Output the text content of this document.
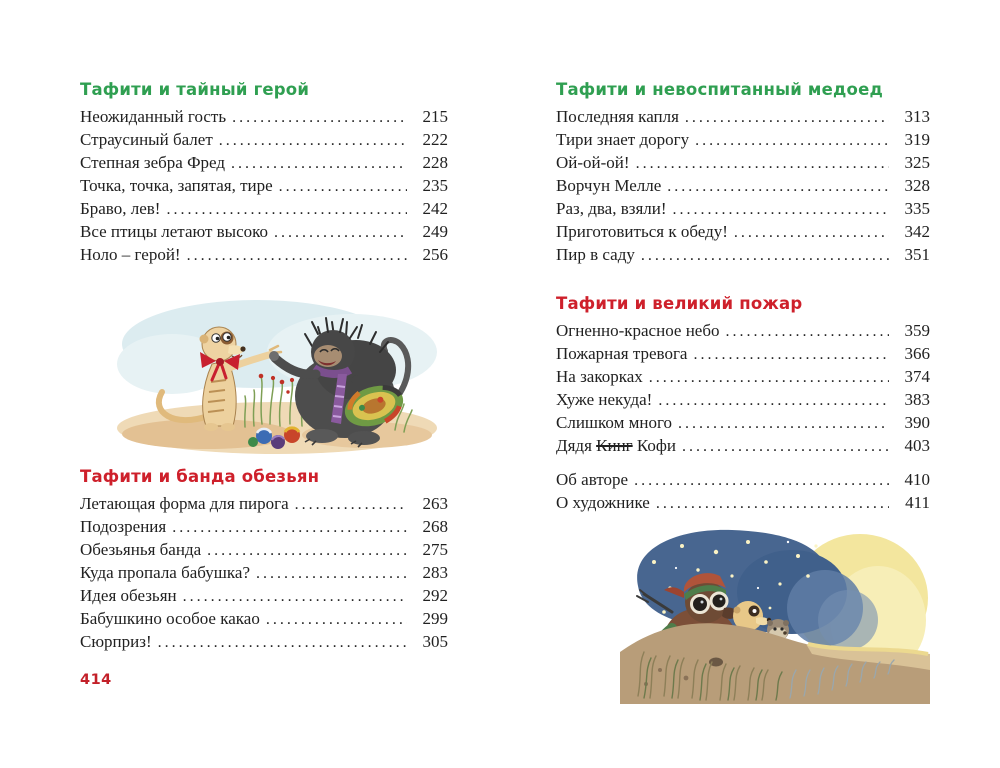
Тафити и тайный герой
Неожиданный гость .....	215
Страусиный балет .....	222
Степная зебра Фред .....	228
Точка, точка, запятая, тире .....	235
Браво, лев! .....	242
Все птицы летают высоко .....	249
Ноло – герой! .....	256
Тафити и банда обезьян
Летающая форма для пирога .....	263
Подозрения .....	268
Обезьянья банда .....	275
Куда пропала бабушка? .....	283
Идея обезьян .....	292
Бабушкино особое какао .....	299
Сюрприз! .....	305
Тафити и невоспитанный медоед
Последняя капля .....	313
Тири знает дорогу .....	319
Ой-ой-ой! .....	325
Ворчун Мелле .....	328
Раз, два, взяли! .....	335
Приготовиться к обеду! .....	342
Пир в саду .....	351
Тафити и великий пожар
Огненно-красное небо .....	359
Пожарная тревога .....	366
На закорках .....	374
Хуже некуда! .....	383
Слишком много .....	390
Дядя Кинг Кофи .....	403
Об авторе .....	410
О художнике .....	411
414
